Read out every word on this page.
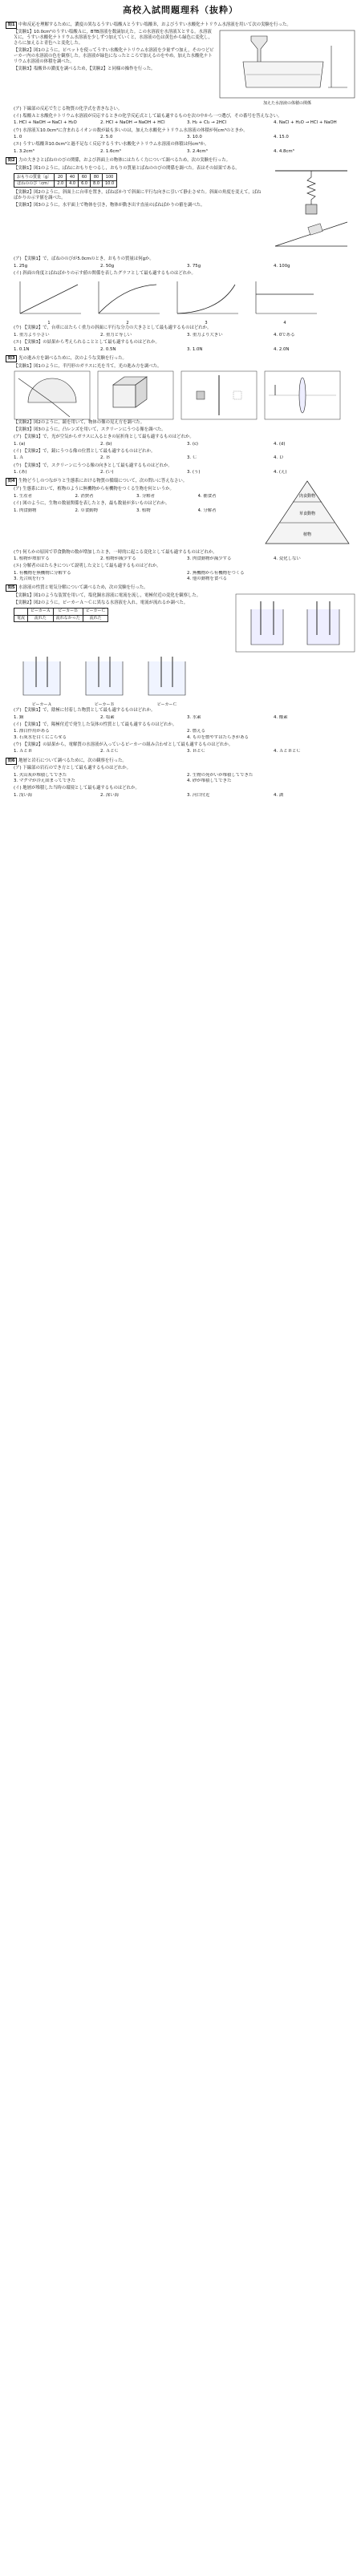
高校入試問題理科（抜粋）
問1 中和反応を理解するために，濃度の異なるうすい塩酸Ａとうすい塩酸Ｂ，およびうすい水酸化ナトリウム水溶液を用いて次の実験を行った。
【実験1】10.0cm³のうすい塩酸Ａに，BTB溶液を数滴加えた。この水溶液を水溶液Ｘとする。水溶液Ｘに，うすい水酸化ナトリウム水溶液を少しずつ加えていくと，水溶液の色は黄色から緑色に変化し，さらに加えると青色へと変化した。
【実験2】図1のように，ピペットを使ってうすい水酸化ナトリウム水溶液を少量ずつ加え，そのつどビーカー内の水溶液の色を観察した。水溶液が緑色になったところで加えるのをやめ，加えた水酸化ナトリウム水溶液の体積を調べた。
【実験3】塩酸Ｂの濃度を調べるため，【実験2】と同様の操作を行った。
加えた水溶液の体積の関係
(ア) 下線部の反応で生じる物質の化学式を書きなさい。
(イ) 塩酸Ａと水酸化ナトリウム水溶液が反応するときの化学反応式として最も適するものを次の中から一つ選び，その番号を答えなさい。
1. HCl + NaOH → NaCl + H₂O	2. HCl + NaOH → NaOH + HCl	3. H₂ + Cl₂ → 2HCl	4. NaCl + H₂O → HCl + NaOH
(ウ) 水溶液Ｘ10.0cm³に含まれるイオンの数が最も多いのは，加えた水酸化ナトリウム水溶液の体積が何cm³のときか。
1. 0	2. 5.0	3. 10.0	4. 15.0
(エ) うすい塩酸Ｂ10.0cm³と過不足なく反応するうすい水酸化ナトリウム水溶液の体積は何cm³か。
1. 3.2cm³	2. 1.6cm³	3. 2.4cm³	4. 4.8cm³
問2 力の大きさとばねののびの関係，および斜面上の物体にはたらく力について調べるため，次の実験を行った。
【実験1】図1のように，ばねにおもりをつるし，おもりの質量とばねののびの関係を調べた。表はその結果である。
おもりの質量〔g〕	20	40	60	80	100
ばねののび〔cm〕	2.0	4.0	6.0	8.0	10.0
【実験2】図2のように，斜面上に台車を置き，ばねばかりで斜面に平行な向きに引いて静止させた。斜面の角度を変えて，ばねばかりの示す値を調べた。
【実験3】図3のように，水平面上で物体を引き，物体が動き出す直前のばねばかりの値を調べた。
(ア) 【実験1】で，ばねののびが5.0cmのとき，おもりの質量は何gか。
1. 25g	2. 50g	3. 75g	4. 100g
(イ) 斜面の角度とばねばかりの示す値の関係を表したグラフとして最も適するものはどれか。
1	2	3	4
(ウ) 【実験2】で，台車にはたらく重力の斜面に平行な分力の大きさとして最も適するものはどれか。
1. 重力より小さい	2. 重力と等しい	3. 重力より大きい	4. 0である
(エ) 【実験3】の結果から考えられることとして最も適するものはどれか。
1. 0.1N	2. 0.5N	3. 1.0N	4. 2.0N
問3 光の進み方を調べるために，次のような実験を行った。
【実験1】図1のように，半円形のガラスに光を当て，光の進み方を調べた。
【実験2】図2のように，鏡を用いて，物体の像の見え方を調べた。
【実験3】図3のように，凸レンズを用いて，スクリーンにうつる像を調べた。
(ア) 【実験1】で，光が空気からガラスに入るときの屈折角として最も適するものはどれか。
1. (a)	2. (b)	3. (c)	4. (d)
(イ) 【実験2】で，鏡にうつる像の位置として最も適するものはどれか。
1. Ａ	2. Ｂ	3. Ｃ	4. Ｄ
(ウ) 【実験3】で，スクリーンにうつる像の向きとして最も適するものはどれか。
1. (あ)	2. (い)	3. (う)	4. (え)
問4 生物どうしのつながりと生態系における物質の循環について，次の問いに答えなさい。
(ア) 生態系において，植物のように無機物から有機物をつくる生物を何というか。
1. 生産者	2. 消費者	3. 分解者	4. 捕食者
(イ) 図のように，生物の数量関係を表したとき，最も数量が多いものはどれか。
1. 肉食動物	2. 草食動物	3. 植物	4. 分解者
肉食動物
草食動物
植物
(ウ) 何らかの原因で草食動物の数が増加したとき，一時的に起こる変化として最も適するものはどれか。
1. 植物が増加する	2. 植物が減少する	3. 肉食動物が減少する	4. 変化しない
(エ) 分解者のはたらきについて説明した文として最も適するものはどれか。
1. 有機物を無機物に分解する	2. 無機物から有機物をつくる
3. 光合成を行う	4. 他の動物を食べる
問5 水溶液の性質と電気分解について調べるため，次の実験を行った。
【実験1】図1のような装置を用いて，塩化銅水溶液に電流を流し，電極付近の変化を観察した。
【実験2】図2のように，ビーカーＡ〜Ｃに異なる水溶液を入れ，電流が流れるか調べた。
	ビーカーＡ	ビーカーＢ	ビーカーＣ
電流	流れた	流れなかった	流れた
ビーカーＡ	ビーカーＢ	ビーカーＣ
(ア) 【実験1】で，陰極に付着した物質として最も適するものはどれか。
1. 銅	2. 塩素	3. 水素	4. 酸素
(イ) 【実験1】で，陽極付近で発生した気体の性質として最も適するものはどれか。
1. 漂白作用がある	2. 燃える
3. 石灰水を白くにごらせる	4. ものを燃やすはたらきがある
(ウ) 【実験2】の結果から，電解質の水溶液が入っているビーカーの組み合わせとして最も適するものはどれか。
1. ＡとＢ	2. ＡとＣ	3. ＢとＣ	4. ＡとＢとＣ
問6 地層と岩石について調べるために，次の観察を行った。
(ア) 下線部の岩石のでき方として最も適するものはどれか。
1. 火山灰が堆積してできた	2. 生物の死がいが堆積してできた
3. マグマが冷え固まってできた	4. 砂が堆積してできた
(イ) 地層が堆積した当時の環境として最も適するものはどれか。
1. 浅い海	2. 深い海	3. 河口付近	4. 湖
